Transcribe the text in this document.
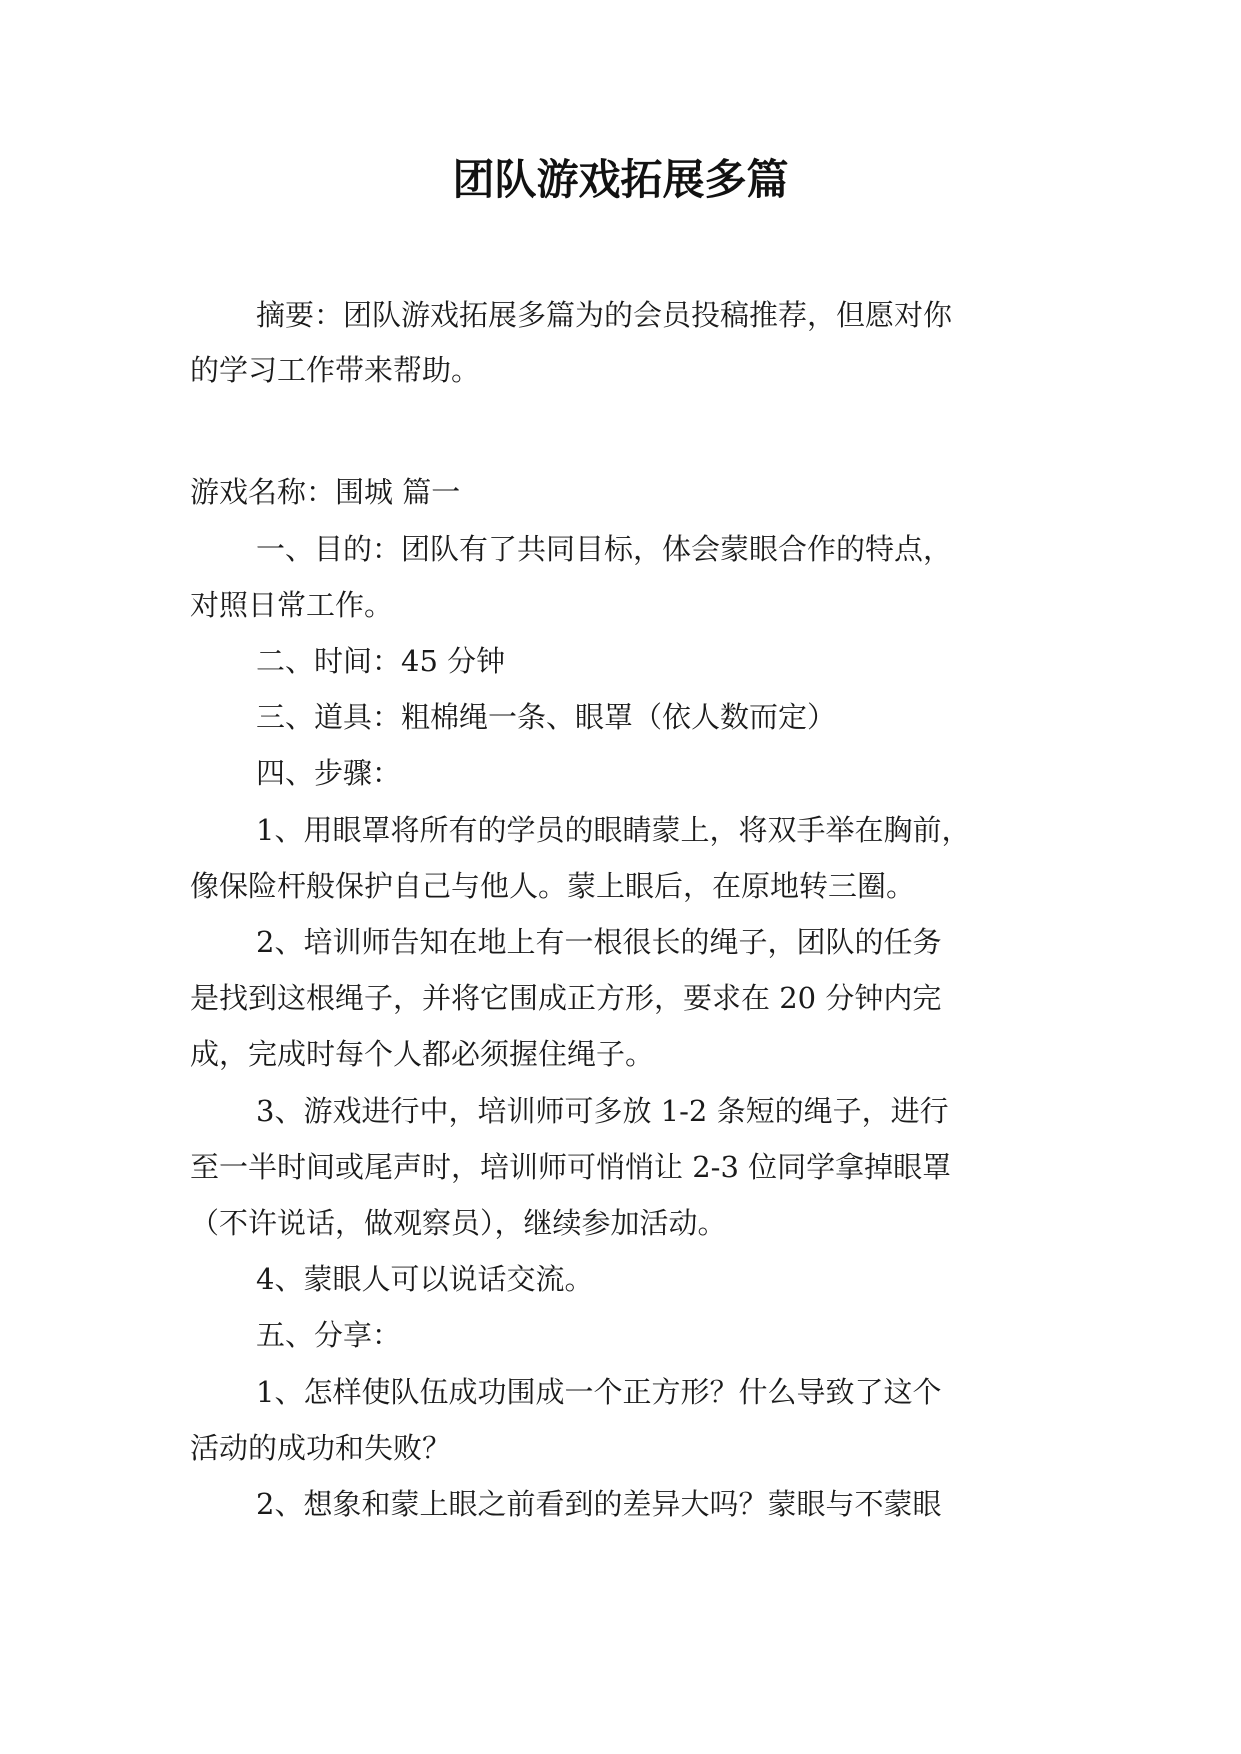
团队游戏拓展多篇

摘要：团队游戏拓展多篇为的会员投稿推荐，但愿对你

的学习工作带来帮助。

游戏名称：围城 篇一

一、目的：团队有了共同目标，体会蒙眼合作的特点，

对照日常工作。

二、时间：45 分钟

三、道具：粗棉绳一条、眼罩（依人数而定）

四、步骤：

1、用眼罩将所有的学员的眼睛蒙上，将双手举在胸前，

像保险杆般保护自己与他人。蒙上眼后，在原地转三圈。

2、培训师告知在地上有一根很长的绳子，团队的任务

是找到这根绳子，并将它围成正方形，要求在 20 分钟内完

成，完成时每个人都必须握住绳子。

3、游戏进行中，培训师可多放 1-2 条短的绳子，进行

至一半时间或尾声时，培训师可悄悄让 2-3 位同学拿掉眼罩

（不许说话，做观察员），继续参加活动。

4、蒙眼人可以说话交流。

五、分享：

1、怎样使队伍成功围成一个正方形？什么导致了这个

活动的成功和失败？

2、想象和蒙上眼之前看到的差异大吗？蒙眼与不蒙眼
